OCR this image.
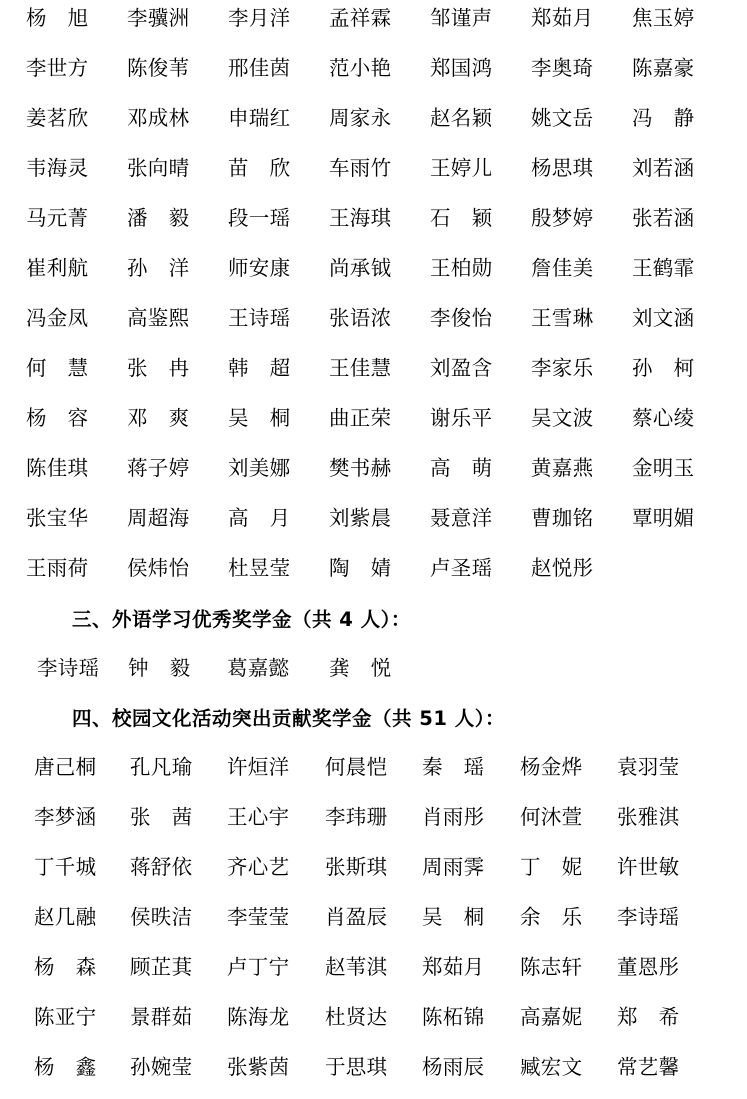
杨　旭 李骥洲 李月洋 孟祥霖 邹谨声 郑茹月 焦玉婷
李世方 陈俊苇 邢佳茵 范小艳 郑国鸿 李奥琦 陈嘉豪
姜茗欣 邓成林 申瑞红 周家永 赵名颖 姚文岳 冯　静
韦海灵 张向晴 苗　欣 车雨竹 王婷儿 杨思琪 刘若涵
马元菁 潘　毅 段一瑶 王海琪 石　颖 殷梦婷 张若涵
崔利航 孙　洋 师安康 尚承钺 王柏勋 詹佳美 王鹤霏
冯金凤 高鉴熙 王诗瑶 张语浓 李俊怡 王雪琳 刘文涵
何　慧 张　冉 韩　超 王佳慧 刘盈含 李家乐 孙　柯
杨　容 邓　爽 吴　桐 曲正荣 谢乐平 吴文波 蔡心绫
陈佳琪 蒋子婷 刘美娜 樊书赫 高　萌 黄嘉燕 金明玉
张宝华 周超海 高　月 刘紫晨 聂意洋 曹珈铭 覃明媚
王雨荷 侯炜怡 杜昱莹 陶　婧 卢圣瑶 赵悦彤
三、外语学习优秀奖学金（共 4 人）：
李诗瑶 钟　毅 葛嘉懿 龚　悦
四、校园文化活动突出贡献奖学金（共 51 人）：
唐己桐 孔凡瑜 许烜洋 何晨恺 秦　瑶 杨金烨 袁羽莹
李梦涵 张　茜 王心宇 李玮珊 肖雨彤 何沐萱 张雅淇
丁千城 蒋舒依 齐心艺 张斯琪 周雨霁 丁　妮 许世敏
赵几融 侯昳洁 李莹莹 肖盈辰 吴　桐 余　乐 李诗瑶
杨　森 顾芷萁 卢丁宁 赵苇淇 郑茹月 陈志轩 董恩彤
陈亚宁 景群茹 陈海龙 杜贤达 陈柘锦 高嘉妮 郑　希
杨　鑫 孙婉莹 张紫茵 于思琪 杨雨辰 臧宏文 常艺馨
